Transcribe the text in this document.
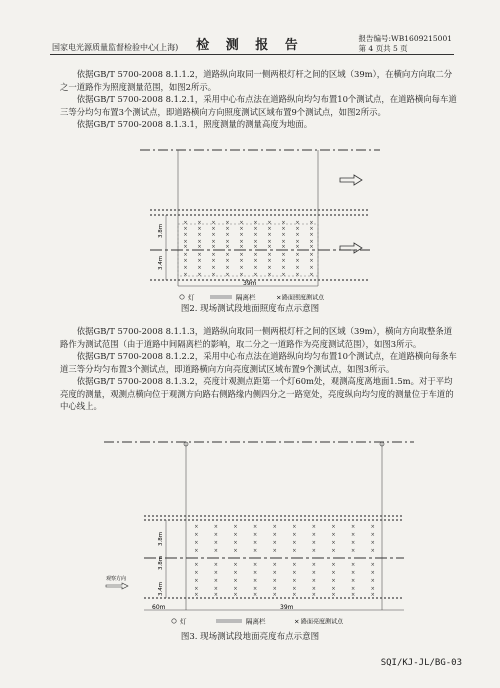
国家电光源质量监督检验中心(上海)	检 测 报 告	报告编号:WB1609215001
第 4 页共 5 页

依据GB/T 5700-2008 8.1.1.2，道路纵向取同一侧两根灯杆之间的区域（39m），在横向方向取二分之一道路作为照度测量范围，如图2所示。

依据GB/T 5700-2008 8.1.2.1，采用中心布点法在道路纵向均匀布置10个测试点，在道路横向每车道三等分均匀布置3个测试点，即道路横向方向照度测试区域布置9个测试点，如图2所示。

依据GB/T 5700-2008 8.1.3.1，照度测量的测量高度为地面。

× × × × × × × × × ×
× × × × × × × × × ×
× × × × × × × × × ×
× × × × × × × × × ×
× × × × × × × × × ×
× × × × × × × × × ×
× × × × × × × × × ×
× × × × × × × × × ×
× × × × × × × × × ×
3.8m
3.4m
39m
灯	隔离栏	× 路面照度测试点
图2. 现场测试段地面照度布点示意图

依据GB/T 5700-2008 8.1.1.3，道路纵向取同一侧两根灯杆之间的区域（39m），横向方向取整条道路作为测试范围（由于道路中间隔离栏的影响，取二分之一道路作为亮度测试范围），如图3所示。

依据GB/T 5700-2008 8.1.2.2，采用中心布点法在道路纵向均匀布置10个测试点，在道路横向每条车道三等分均匀布置3个测试点，即道路横向方向亮度测试区域布置9个测试点，如图3所示。

依据GB/T 5700-2008 8.1.3.2，亮度计观测点距第一个灯60m处，观测高度离地面1.5m。对于平均亮度的测量，观测点横向位于观测方向路右侧路缘内侧四分之一路宽处，亮度纵向均匀度的测量位于车道的中心线上。

×	×	×	×	×	×	×	×	×	×
×	×	×	×	×	×	×	×	×	×
×	×	×	×	×	×	×	×	×	×
×	×	×	×	×	×	×	×	×	×
×	×	×	×	×	×	×	×	×	×
×	×	×	×	×	×	×	×	×	×
×	×	×	×	×	×	×	×	×	×
×	×	×	×	×	×	×	×	×	×
×	×	×	×	×	×	×	×	×	×
3.8m
3.8m
3.4m
观察方向
60m	39m
灯	隔离栏	× 路面亮度测试点
图3. 现场测试段地面亮度布点示意图
SQI/KJ-JL/BG-03
